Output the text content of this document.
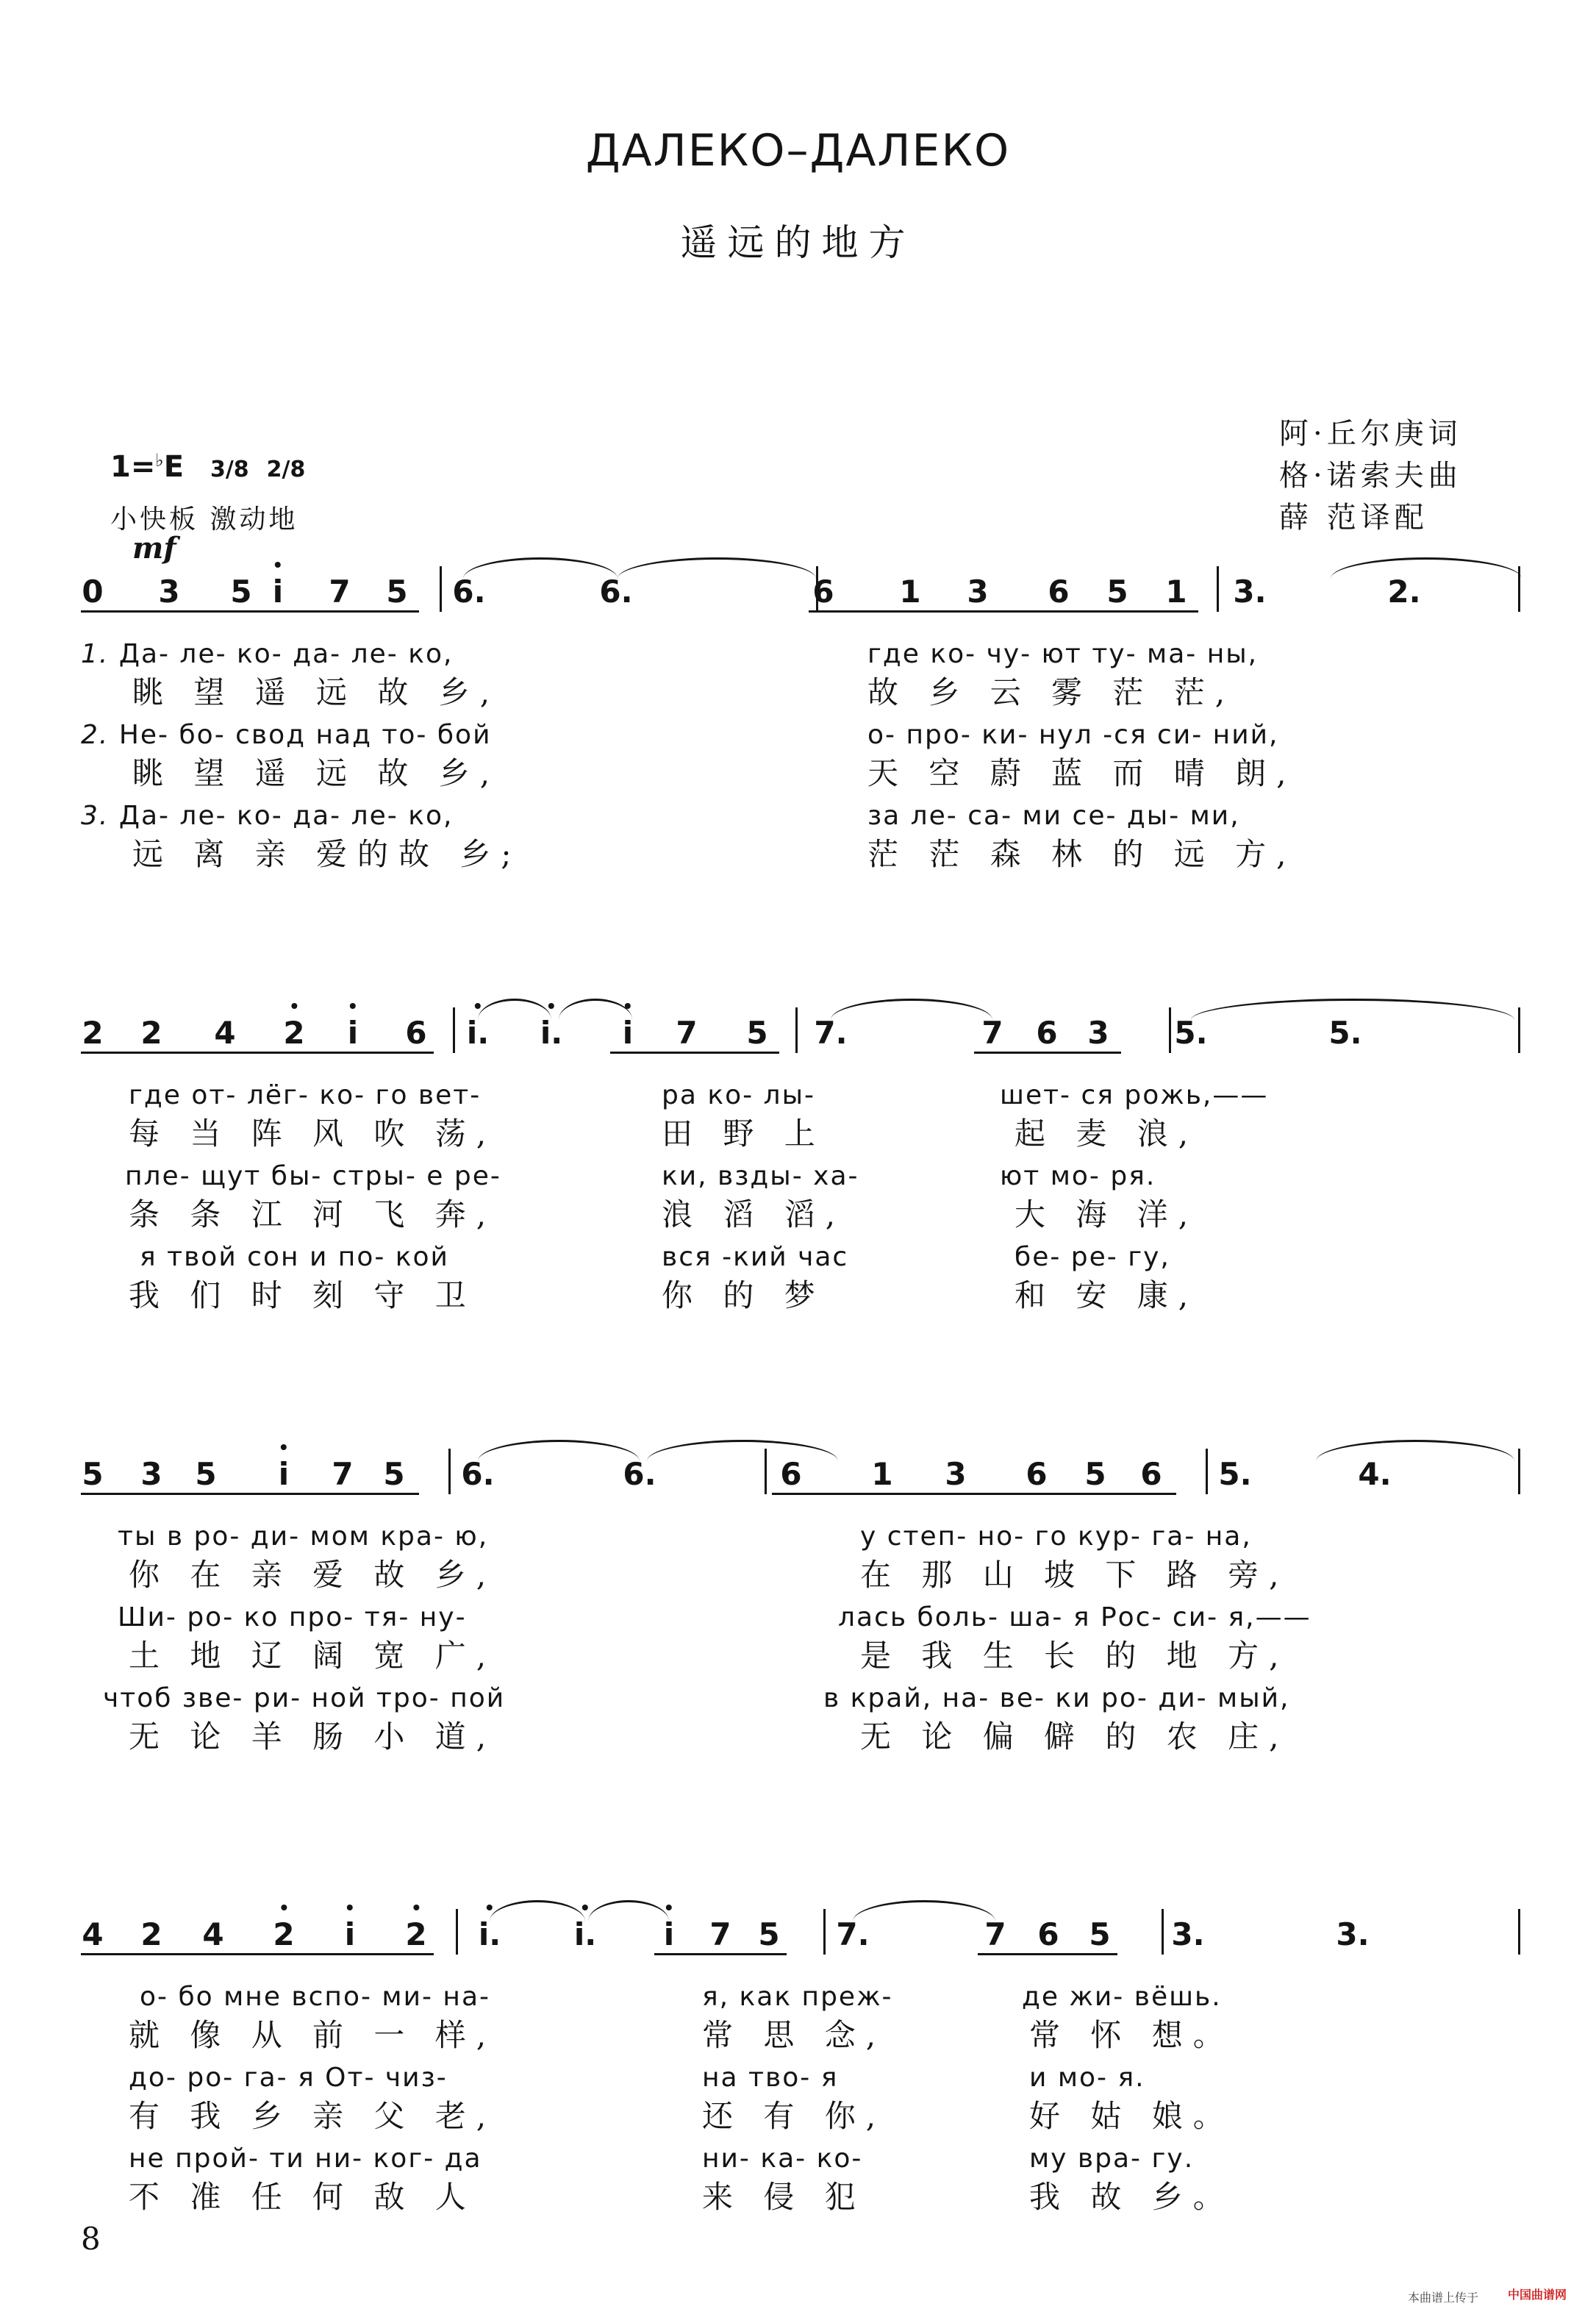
ДАЛЕКО–ДАЛЕКО
遥远的地方
阿·丘尔庚词
格·诺索夫曲
薛 范译配
1=♭E 3/8 2/8
小快板 激动地
mf
0 3 5 i 7 5 6.	6.	6 1 3 6 5 1 3.	2.
1. Да- ле- ко- да- ле- ко,	где ко- чу- ют ту- ма- ны,
眺 望 遥 远 故 乡,	故 乡 云 雾 茫 茫,
2. Не- бо- свод над то- бой	о- про- ки- нул -ся си- ний,
眺 望 遥 远 故 乡,	天 空 蔚 蓝 而 晴 朗,
3. Да- ле- ко- да- ле- ко,	за ле- са- ми се- ды- ми,
远 离 亲 爱的故 乡;	茫 茫 森 林 的 远 方,
2 2 4 2 i 6 i. i. i 7 5 7.	7 6 3 5.	5.
где от- лёг- ко- го вет-	ра ко- лы-	шет- ся рожь,——
每 当 阵 风 吹 荡,	田 野 上	起 麦 浪,
пле- щут бы- стры- е ре-	ки, взды- ха-	ют мо- ря.
条 条 江 河 飞 奔,	浪 滔 滔,	大 海 洋,
я твой сон и по- кой	вся -кий час	бе- ре- гу,
我 们 时 刻 守 卫	你 的 梦	和 安 康,
5 3 5 i 7 5 6.	6.	6 1 3 6 5 6 5.	4.
ты в ро- ди- мом кра- ю,	у степ- но- го кур- га- на,
你 在 亲 爱 故 乡,	在 那 山 坡 下 路 旁,
Ши- ро- ко про- тя- ну-	лась боль- ша- я Рос- си- я,——
土 地 辽 阔 宽 广,	是 我 生 长 的 地 方,
чтоб зве- ри- ной тро- пой	в край, на- ве- ки ро- ди- мый,
无 论 羊 肠 小 道,	无 论 偏 僻 的 农 庄,
4 2 4 2 i 2 i. i. i 7 5 7.	7 6 5 3.	3.
о- бо мне вспо- ми- на-	я, как преж-	де жи- вёшь.
就 像 从 前 一 样,	常 思 念,	常 怀 想。
до- ро- га- я От- чиз-	на тво- я	и мо- я.
有 我 乡 亲 父 老,	还 有 你,	好 姑 娘。
не прой- ти ни- ког- да	ни- ка- ко-	му вра- гу.
不 准 任 何 敌 人	来 侵 犯	我 故 乡。
8
本曲谱上传于 中国曲谱网
